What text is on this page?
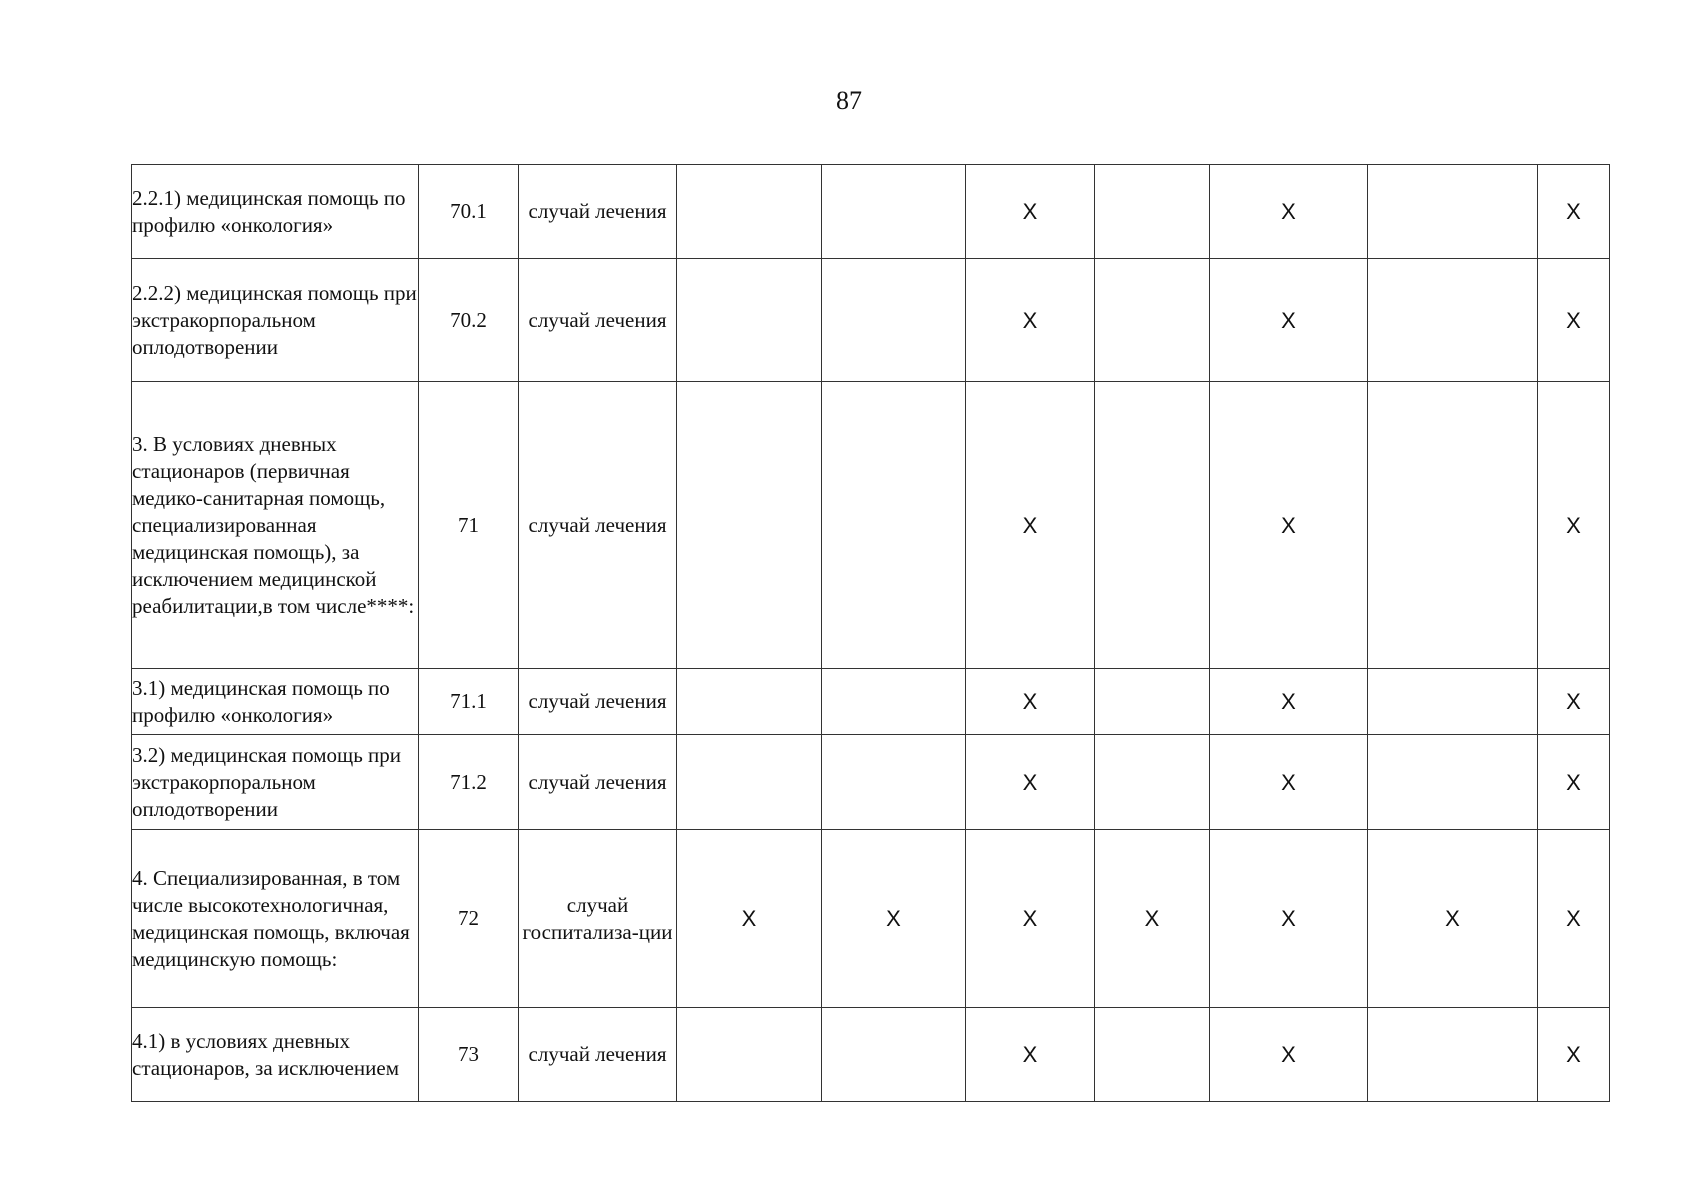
87
2.2.1) медицинская помощь по профилю «онкология»	70.1	случай лечения			X		X		X
2.2.2) медицинская помощь при экстракорпоральном оплодотворении	70.2	случай лечения			X		X		X
3. В условиях дневных стационаров (первичная медико-санитарная помощь, специализированная медицинская помощь), за исключением медицинской реабилитации,в том числе****:	71	случай лечения			X		X		X
3.1) медицинская помощь по профилю «онкология»	71.1	случай лечения			X		X		X
3.2) медицинская помощь при экстракорпоральном оплодотворении	71.2	случай лечения			X		X		X
4. Специализированная, в том числе высокотехнологичная, медицинская помощь, включая медицинскую помощь:	72	случай госпитализа-ции	X	X	X	X	X	X	X
4.1) в условиях дневных стационаров, за исключением	73	случай лечения			X		X		X
